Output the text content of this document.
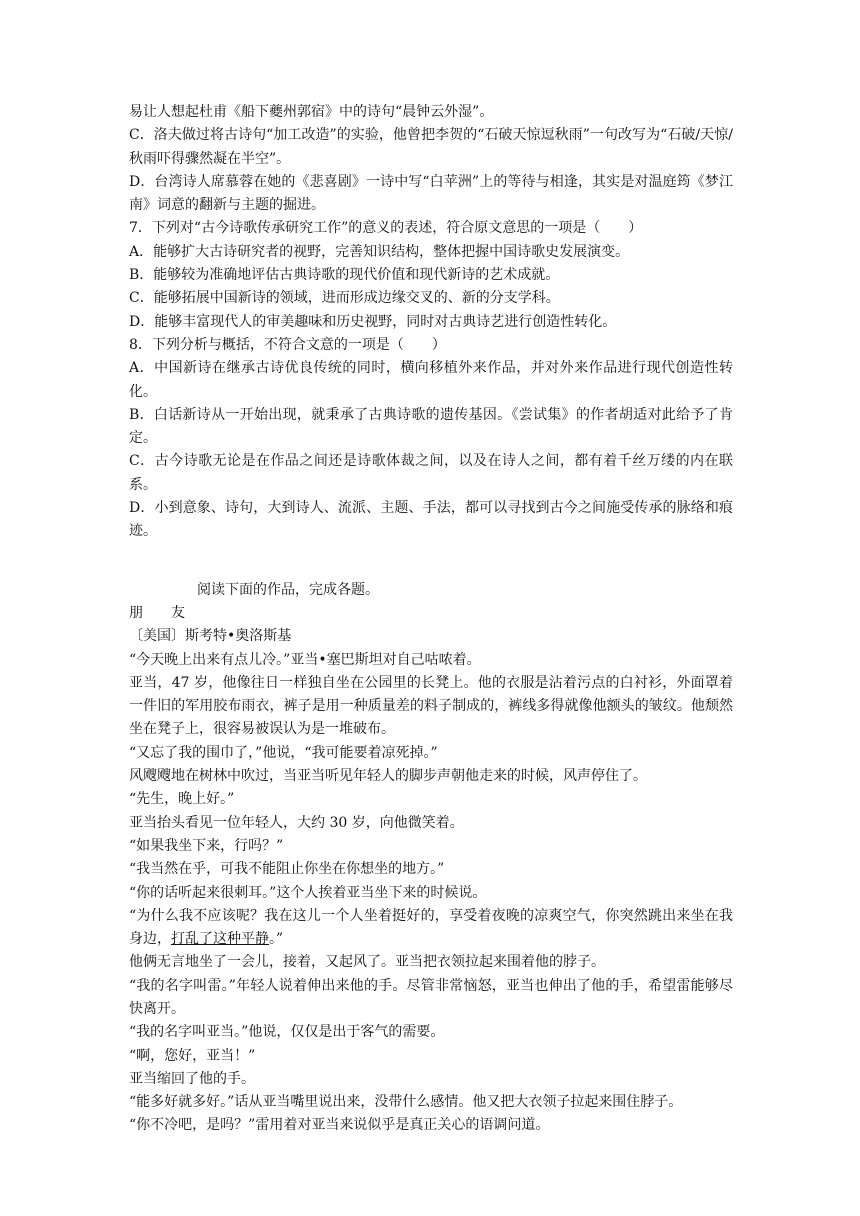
易让人想起杜甫《船下夔州郭宿》中的诗句“晨钟云外湿”。

C．洛夫做过将古诗句“加工改造”的实验，他曾把李贺的“石破天惊逗秋雨”一句改写为“石破/天惊/秋雨吓得骤然凝在半空”。

D．台湾诗人席慕蓉在她的《悲喜剧》一诗中写“白苹洲”上的等待与相逢，其实是对温庭筠《梦江南》词意的翻新与主题的掘进。

7．下列对“古今诗歌传承研究工作”的意义的表述，符合原文意思的一项是（　　）

A．能够扩大古诗研究者的视野，完善知识结构，整体把握中国诗歌史发展演变。

B．能够较为准确地评估古典诗歌的现代价值和现代新诗的艺术成就。

C．能够拓展中国新诗的领域，进而形成边缘交叉的、新的分支学科。

D．能够丰富现代人的审美趣味和历史视野，同时对古典诗艺进行创造性转化。

8．下列分析与概括，不符合文意的一项是（　　）

A．中国新诗在继承古诗优良传统的同时，横向移植外来作品，并对外来作品进行现代创造性转化。

B．白话新诗从一开始出现，就秉承了古典诗歌的遗传基因。《尝试集》的作者胡适对此给予了肯定。

C．古今诗歌无论是在作品之间还是诗歌体裁之间，以及在诗人之间，都有着千丝万缕的内在联系。

D．小到意象、诗句，大到诗人、流派、主题、手法，都可以寻找到古今之间施受传承的脉络和痕迹。

阅读下面的作品，完成各题。

朋　　友

〔美国〕斯考特•奥洛斯基

“今天晚上出来有点儿冷。”亚当•塞巴斯坦对自己咕哝着。

亚当，47 岁，他像往日一样独自坐在公园里的长凳上。他的衣服是沾着污点的白衬衫，外面罩着一件旧的军用胶布雨衣，裤子是用一种质量差的料子制成的，裤线多得就像他额头的皱纹。他颓然坐在凳子上，很容易被误认为是一堆破布。

“又忘了我的围巾了，”他说，“我可能要着凉死掉。”

风飕飕地在树林中吹过，当亚当听见年轻人的脚步声朝他走来的时候，风声停住了。

“先生，晚上好。”

亚当抬头看见一位年轻人，大约 30 岁，向他微笑着。

“如果我坐下来，行吗？”

“我当然在乎，可我不能阻止你坐在你想坐的地方。”

“你的话听起来很刺耳。”这个人挨着亚当坐下来的时候说。

“为什么我不应该呢？我在这儿一个人坐着挺好的，享受着夜晚的凉爽空气，你突然跳出来坐在我身边，打乱了这种平静。”

他俩无言地坐了一会儿，接着，又起风了。亚当把衣领拉起来围着他的脖子。

“我的名字叫雷。”年轻人说着伸出来他的手。尽管非常恼怒，亚当也伸出了他的手，希望雷能够尽快离开。

“我的名字叫亚当。”他说，仅仅是出于客气的需要。

“啊，您好，亚当！”

亚当缩回了他的手。

“能多好就多好。”话从亚当嘴里说出来，没带什么感情。他又把大衣领子拉起来围住脖子。

“你不冷吧，是吗？”雷用着对亚当来说似乎是真正关心的语调问道。
